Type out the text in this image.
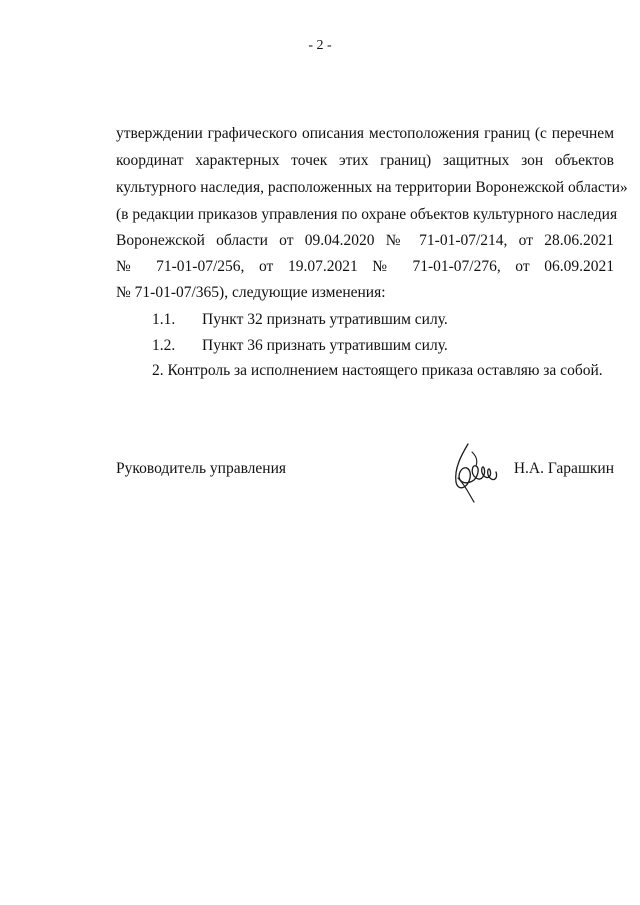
- 2 -
утверждении графического описания местоположения границ (с перечнем
координат характерных точек этих границ) защитных зон объектов
культурного наследия, расположенных на территории Воронежской области»
(в редакции приказов управления по охране объектов культурного наследия
Воронежской области от 09.04.2020 № 71-01-07/214, от 28.06.2021
№ 71-01-07/256, от 19.07.2021 № 71-01-07/276, от 06.09.2021
№ 71-01-07/365), следующие изменения:
1.1. Пункт 32 признать утратившим силу.
1.2. Пункт 36 признать утратившим силу.
2. Контроль за исполнением настоящего приказа оставляю за собой.
Руководитель управления	Н.А. Гарашкин
